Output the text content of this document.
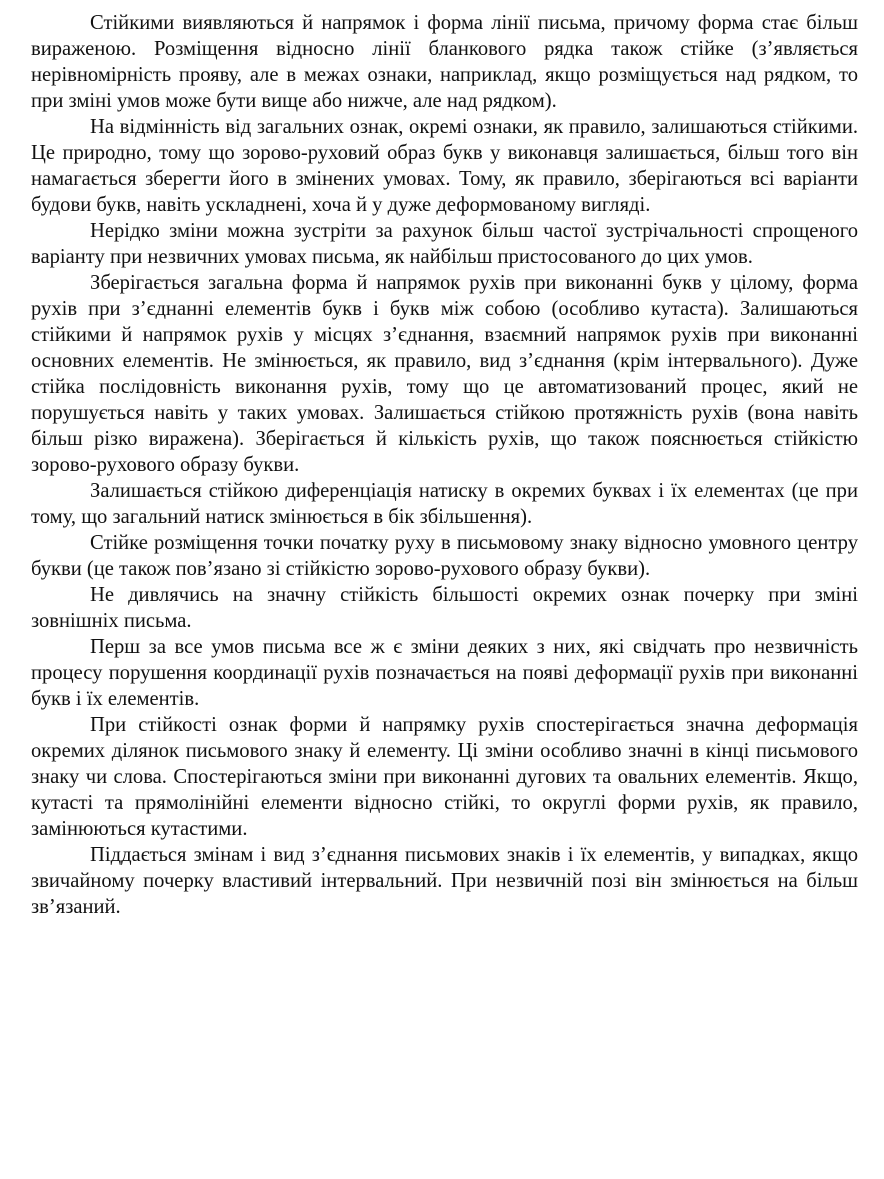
Стійкими виявляються й напрямок і форма лінії письма, причому форма стає більш вираженою. Розміщення відносно лінії бланкового рядка також стійке (з’являється нерівномірність прояву, але в межах ознаки, наприклад, якщо розміщується над рядком, то при зміні умов може бути вище або нижче, але над рядком).

На відмінність від загальних ознак, окремі ознаки, як правило, залишаються стійкими. Це природно, тому що зорово-руховий образ букв у виконавця залишається, більш того він намагається зберегти його в змінених умовах. Тому, як правило, зберігаються всі варіанти будови букв, навіть ускладнені, хоча й у дуже деформованому вигляді.

Нерідко зміни можна зустріти за рахунок більш частої зустрічальності спрощеного варіанту при незвичних умовах письма, як найбільш пристосованого до цих умов.

Зберігається загальна форма й напрямок рухів при виконанні букв у цілому, форма рухів при з’єднанні елементів букв і букв між собою (особливо кутаста). Залишаються стійкими й напрямок рухів у місцях з’єднання, взаємний напрямок рухів при виконанні основних елементів. Не змінюється, як правило, вид з’єднання (крім інтервального). Дуже стійка послідовність виконання рухів, тому що це автоматизований процес, який не порушується навіть у таких умовах. Залишається стійкою протяжність рухів (вона навіть більш різко виражена). Зберігається й кількість рухів, що також пояснюється стійкістю зорово-рухового образу букви.

Залишається стійкою диференціація натиску в окремих буквах і їх елементах (це при тому, що загальний натиск змінюється в бік збільшення).

Стійке розміщення точки початку руху в письмовому знаку відносно умовного центру букви (це також пов’язано зі стійкістю зорово-рухового образу букви).

Не дивлячись на значну стійкість більшості окремих ознак почерку при зміні зовнішніх письма.

Перш за все умов письма все ж є зміни деяких з них, які свідчать про незвичність процесу порушення координації рухів позначається на появі деформації рухів при виконанні букв і їх елементів.

При стійкості ознак форми й напрямку рухів спостерігається значна деформація окремих ділянок письмового знаку й елементу. Ці зміни особливо значні в кінці письмового знаку чи слова. Спостерігаються зміни при виконанні дугових та овальних елементів. Якщо, кутасті та прямолінійні елементи відносно стійкі, то округлі форми рухів, як правило, замінюються кутастими.

Піддається змінам і вид з’єднання письмових знаків і їх елементів, у випадках, якщо звичайному почерку властивий інтервальний. При незвичній позі він змінюється на більш зв’язаний.
